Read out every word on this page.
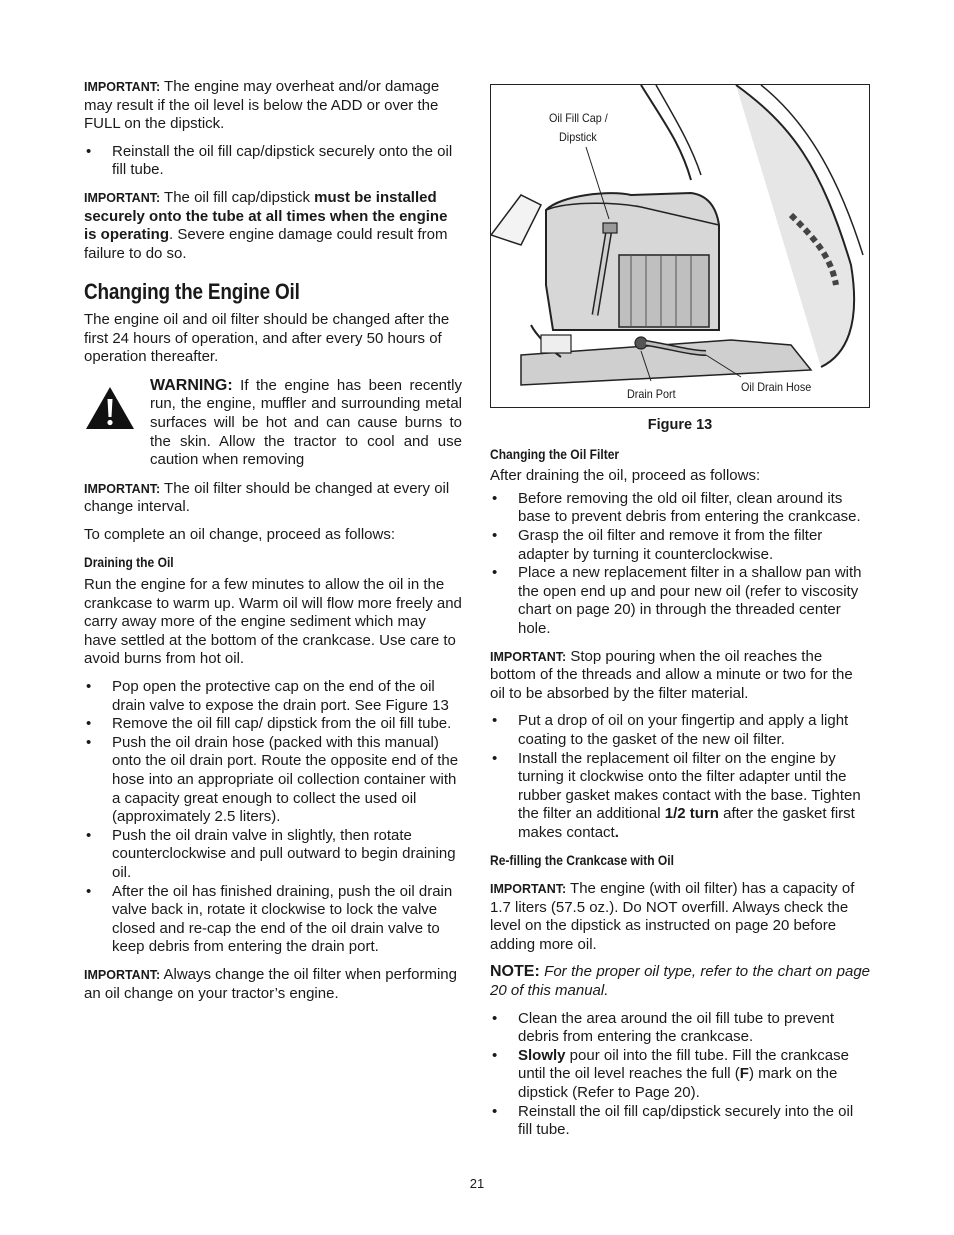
IMPORTANT: The engine may overheat and/or damage may result if the oil level is below the ADD or over the FULL on the dipstick.

• Reinstall the oil fill cap/dipstick securely onto the oil fill tube.

IMPORTANT: The oil fill cap/dipstick must be installed securely onto the tube at all times when the engine is operating. Severe engine damage could result from failure to do so.

Changing the Engine Oil

The engine oil and oil filter should be changed after the first 24 hours of operation, and after every 50 hours of operation thereafter.

WARNING: If the engine has been recently run, the engine, muffler and surrounding metal surfaces will be hot and can cause burns to the skin. Allow the tractor to cool and use caution when removing

IMPORTANT: The oil filter should be changed at every oil change interval.

To complete an oil change, proceed as follows:

Draining the Oil

Run the engine for a few minutes to allow the oil in the crankcase to warm up. Warm oil will flow more freely and carry away more of the engine sediment which may have settled at the bottom of the crankcase. Use care to avoid burns from hot oil.

• Pop open the protective cap on the end of the oil drain valve to expose the drain port. See Figure 13
• Remove the oil fill cap/ dipstick from the oil fill tube.
• Push the oil drain hose (packed with this manual) onto the oil drain port. Route the opposite end of the hose into an appropriate oil collection container with a capacity great enough to collect the used oil (approximately 2.5 liters).
• Push the oil drain valve in slightly, then rotate counterclockwise and pull outward to begin draining oil.
• After the oil has finished draining, push the oil drain valve back in, rotate it clockwise to lock the valve closed and re-cap the end of the oil drain valve to keep debris from entering the drain port.

IMPORTANT: Always change the oil filter when performing an oil change on your tractor’s engine.

Oil Fill Cap /
Dipstick
Drain Port	Oil Drain Hose
Figure 13
Changing the Oil Filter

After draining the oil, proceed as follows:

• Before removing the old oil filter, clean around its base to prevent debris from entering the crankcase.
• Grasp the oil filter and remove it from the filter adapter by turning it counterclockwise.
• Place a new replacement filter in a shallow pan with the open end up and pour new oil (refer to viscosity chart on page 20) in through the threaded center hole.

IMPORTANT: Stop pouring when the oil reaches the bottom of the threads and allow a minute or two for the oil to be absorbed by the filter material.

• Put a drop of oil on your fingertip and apply a light coating to the gasket of the new oil filter.
• Install the replacement oil filter on the engine by turning it clockwise onto the filter adapter until the rubber gasket makes contact with the base. Tighten the filter an additional 1/2 turn after the gasket first makes contact.
Re-filling the Crankcase with Oil

IMPORTANT: The engine (with oil filter) has a capacity of 1.7 liters (57.5 oz.). Do NOT overfill. Always check the level on the dipstick as instructed on page 20 before adding more oil.

NOTE: For the proper oil type, refer to the chart on page 20 of this manual.

• Clean the area around the oil fill tube to prevent debris from entering the crankcase.
• Slowly pour oil into the fill tube. Fill the crankcase until the oil level reaches the full (F) mark on the dipstick (Refer to Page 20).
• Reinstall the oil fill cap/dipstick securely into the oil fill tube.
21
